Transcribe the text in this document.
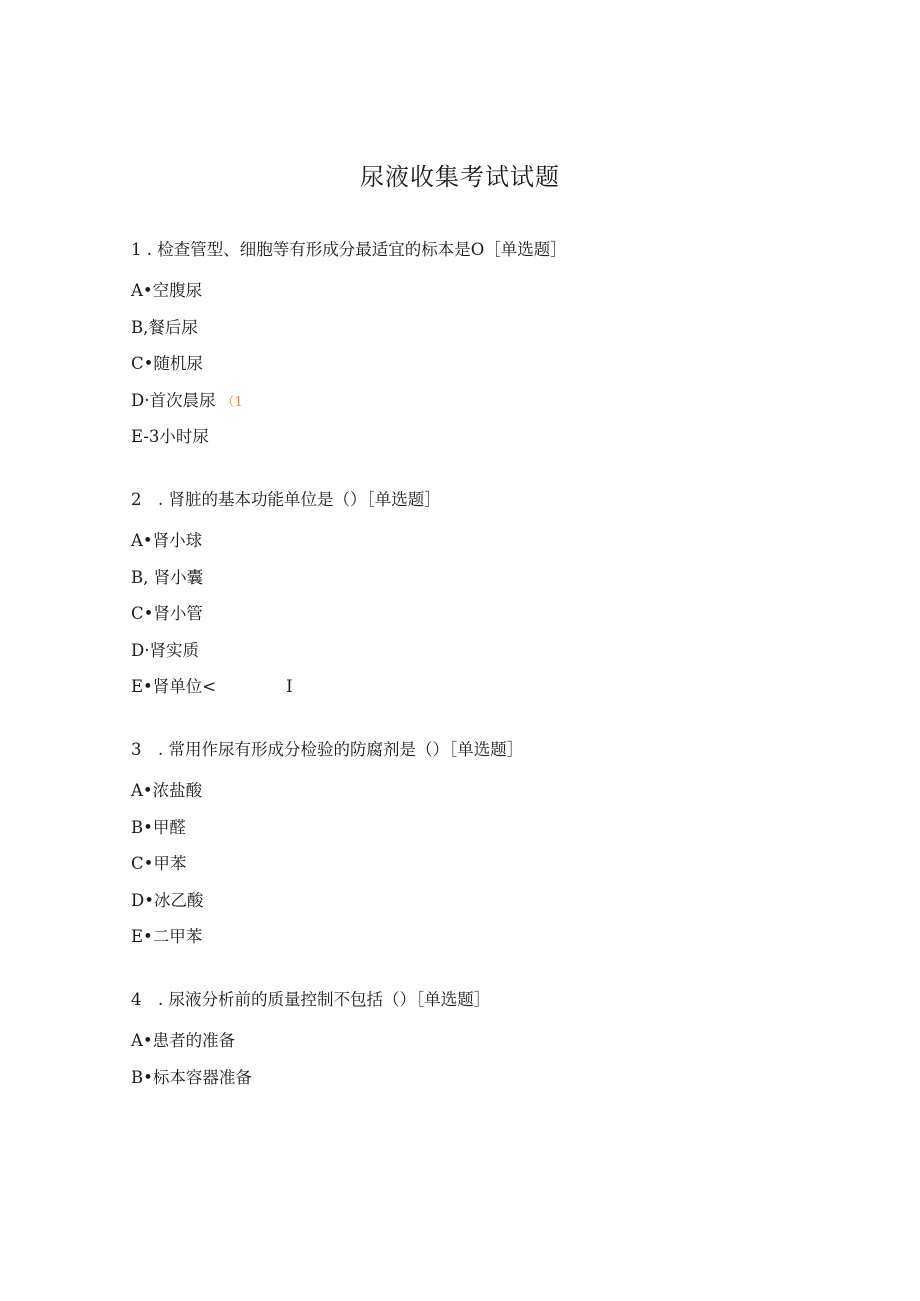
尿液收集考试试题
1 . 检查管型、细胞等有形成分最适宜的标本是O［单选题］
A•空腹尿
B,餐后尿
C•随机尿
D·首次晨尿 （1
E-3小时尿
2　. 肾脏的基本功能单位是（）［单选题］
A•肾小球
B, 肾小囊
C•肾小管
D·肾实质
E•肾单位<	I
3　. 常用作尿有形成分检验的防腐剂是（）［单选题］
A•浓盐酸
B•甲醛
C•甲苯
D•冰乙酸
E•二甲苯
4　. 尿液分析前的质量控制不包括（）［单选题］
A•患者的准备
B•标本容器准备
